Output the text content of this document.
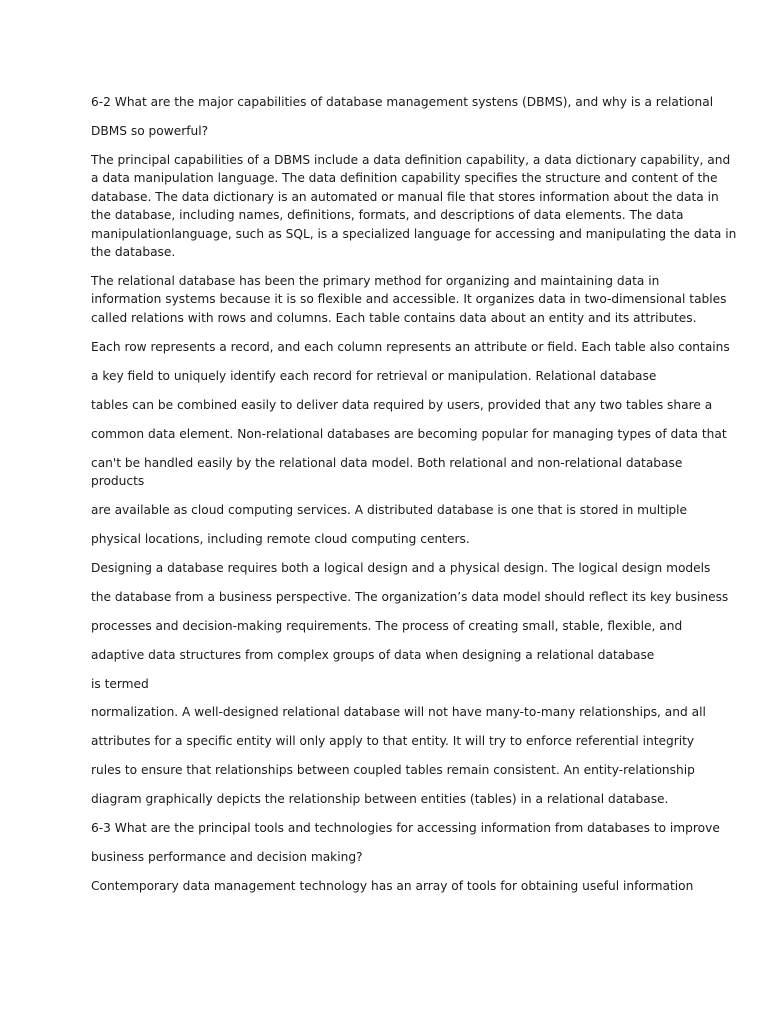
6-2 What are the major capabilities of database management systens (DBMS), and why is a relational

DBMS so powerful?

The principal capabilities of a DBMS include a data definition capability, a data dictionary capability, and

a data manipulation language. The data definition capability specifies the structure and content of the

database. The data dictionary is an automated or manual file that stores information about the data in

the database, including names, definitions, formats, and descriptions of data elements. The data

manipulationlanguage, such as SQL, is a specialized language for accessing and manipulating the data in

the database.

The relational database has been the primary method for organizing and maintaining data in

information systems because it is so flexible and accessible. It organizes data in two-dimensional tables

called relations with rows and columns. Each table contains data about an entity and its attributes.

Each row represents a record, and each column represents an attribute or field. Each table also contains

a key field to uniquely identify each record for retrieval or manipulation. Relational database

tables can be combined easily to deliver data required by users, provided that any two tables share a

common data element. Non-relational databases are becoming popular for managing types of data that

can't be handled easily by the relational data model. Both relational and non-relational database

products

are available as cloud computing services. A distributed database is one that is stored in multiple

physical locations, including remote cloud computing centers.

Designing a database requires both a logical design and a physical design. The logical design models

the database from a business perspective. The organization’s data model should reflect its key business

processes and decision-making requirements. The process of creating small, stable, flexible, and

adaptive data structures from complex groups of data when designing a relational database

is termed

normalization. A well-designed relational database will not have many-to-many relationships, and all

attributes for a specific entity will only apply to that entity. It will try to enforce referential integrity

rules to ensure that relationships between coupled tables remain consistent. An entity-relationship

diagram graphically depicts the relationship between entities (tables) in a relational database.

6-3 What are the principal tools and technologies for accessing information from databases to improve

business performance and decision making?

Contemporary data management technology has an array of tools for obtaining useful information
